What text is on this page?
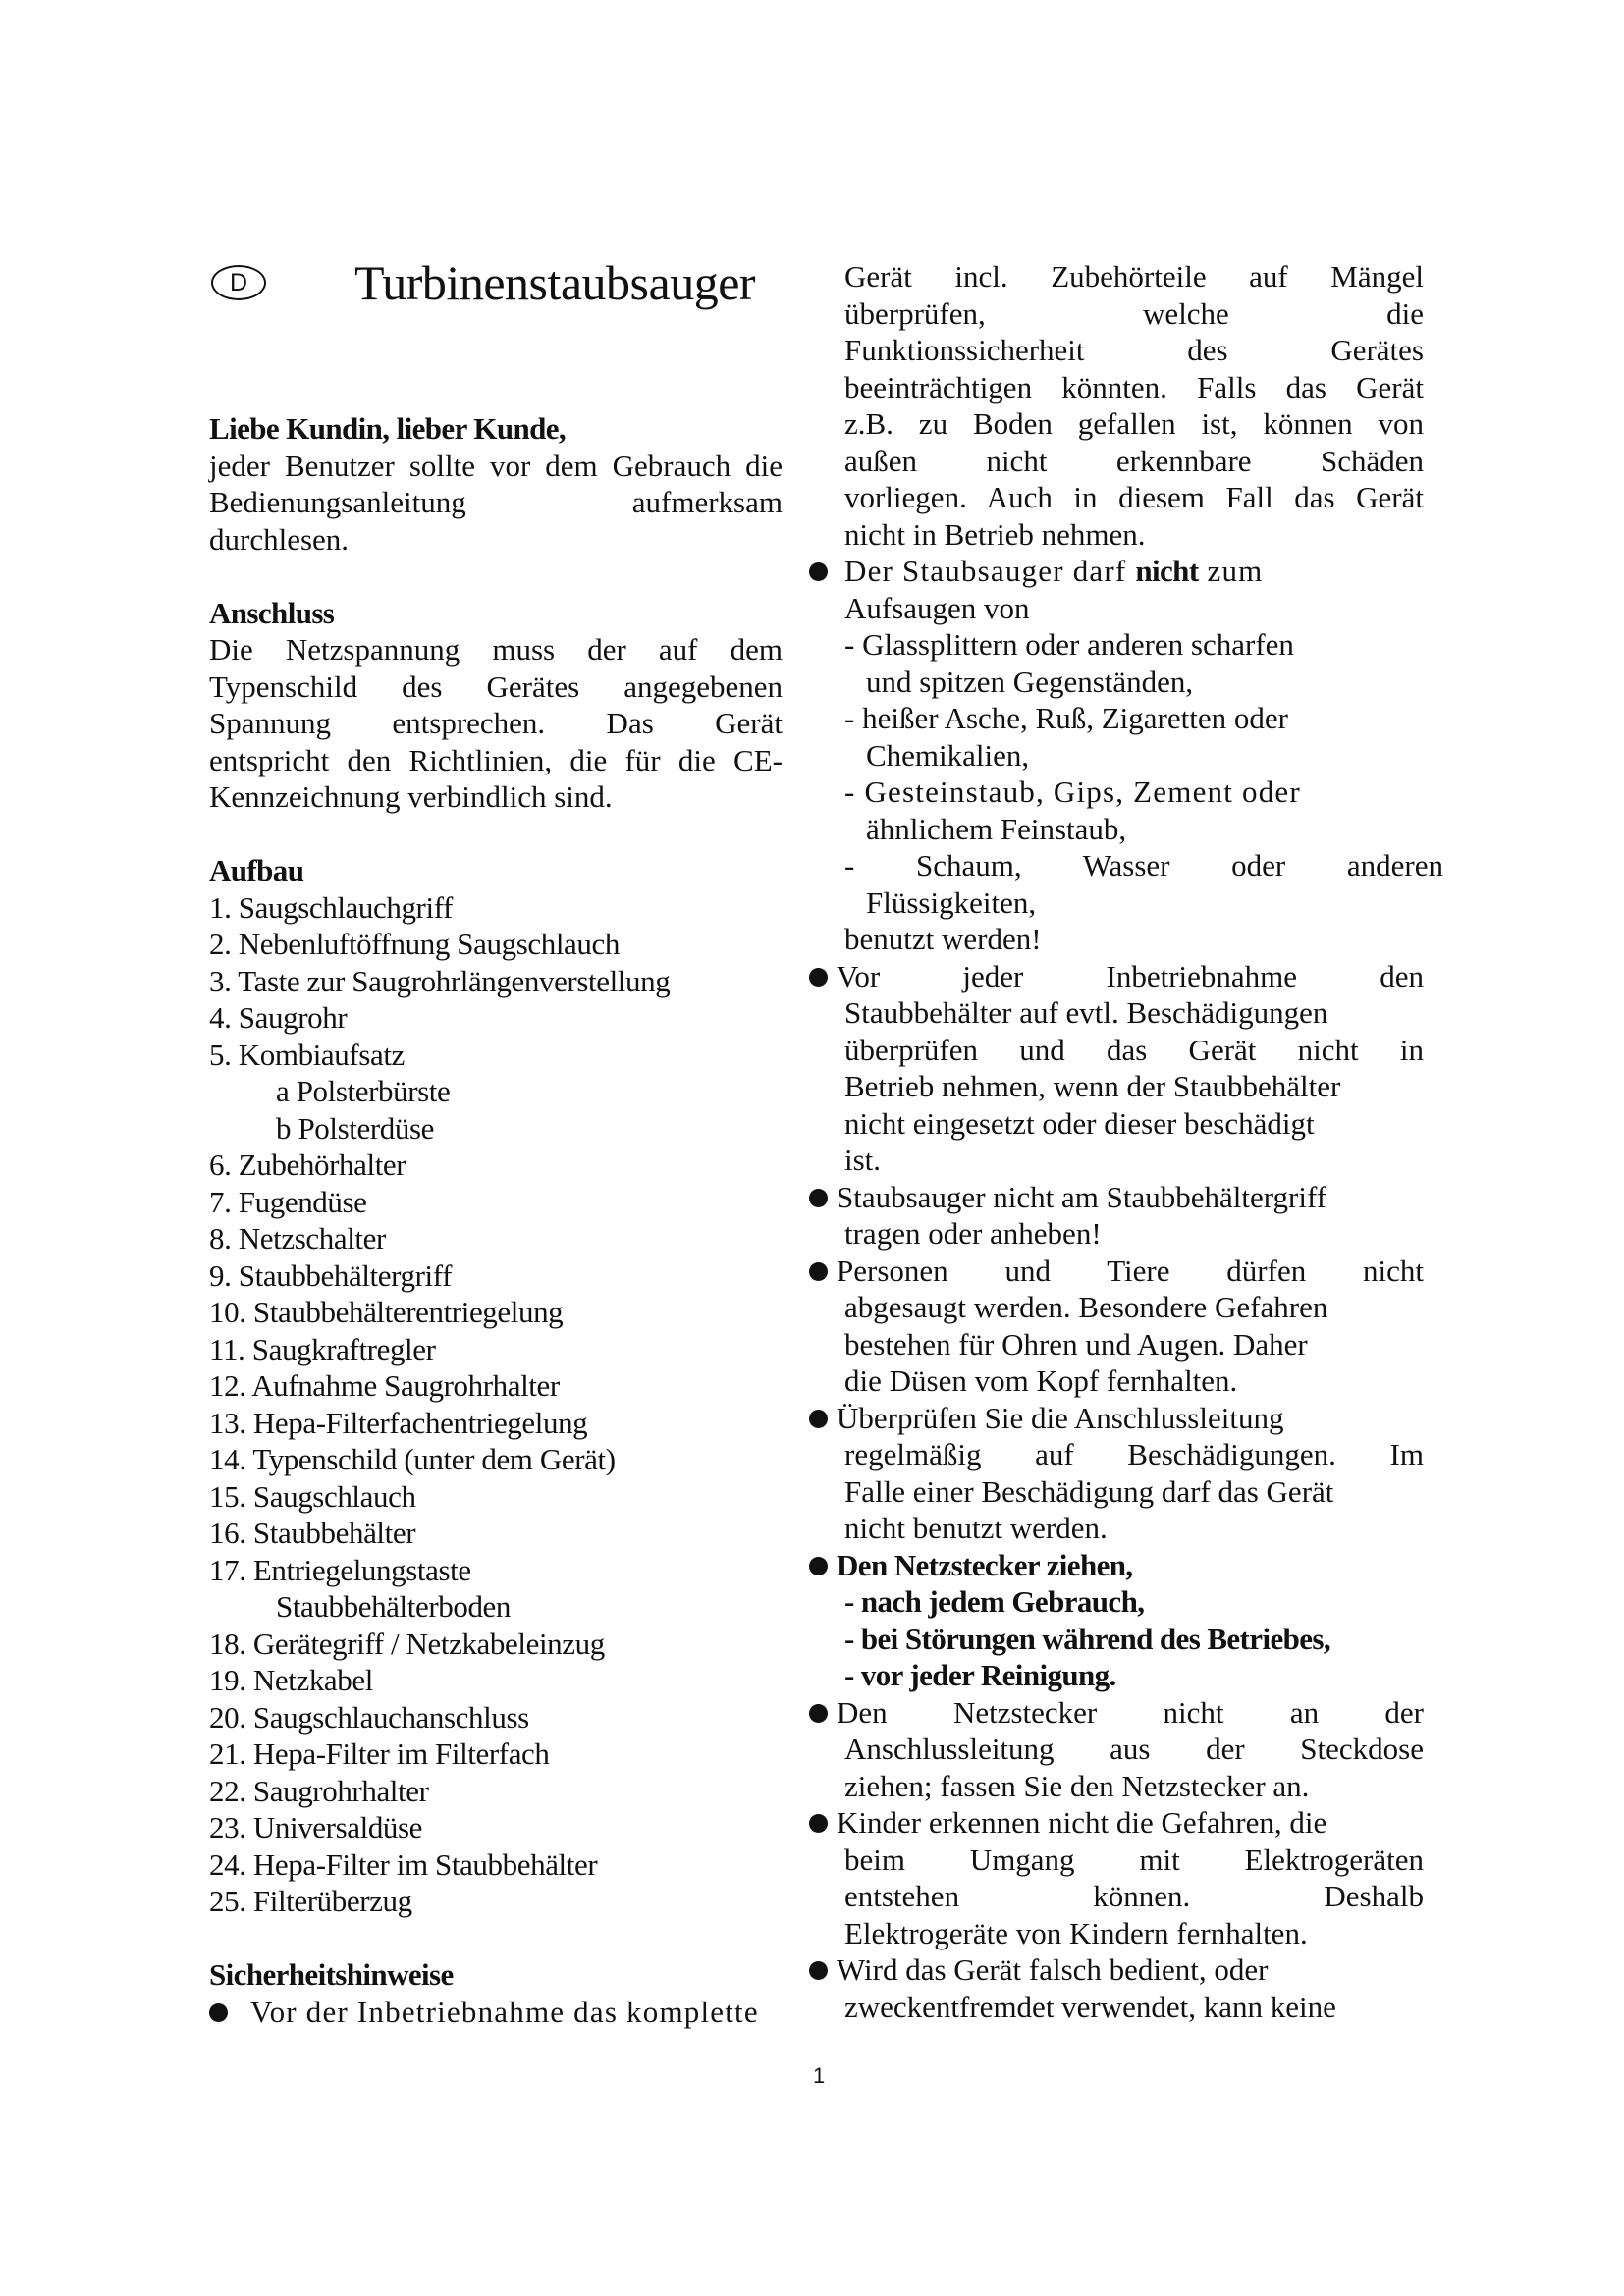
D	Turbinenstaubsauger
Liebe Kundin, lieber Kunde,
jeder Benutzer sollte vor dem Gebrauch die
Bedienungsanleitung aufmerksam
durchlesen.
Anschluss
Die Netzspannung muss der auf dem
Typenschild des Gerätes angegebenen
Spannung entsprechen. Das Gerät
entspricht den Richtlinien, die für die CE-
Kennzeichnung verbindlich sind.
Aufbau
1. Saugschlauchgriff
2. Nebenluftöffnung Saugschlauch
3. Taste zur Saugrohrlängenverstellung
4. Saugrohr
5. Kombiaufsatz
a Polsterbürste
b Polsterdüse
6. Zubehörhalter
7. Fugendüse
8. Netzschalter
9. Staubbehältergriff
10. Staubbehälterentriegelung
11. Saugkraftregler
12. Aufnahme Saugrohrhalter
13. Hepa-Filterfachentriegelung
14. Typenschild (unter dem Gerät)
15. Saugschlauch
16. Staubbehälter
17. Entriegelungstaste
Staubbehälterboden
18. Gerätegriff / Netzkabeleinzug
19. Netzkabel
20. Saugschlauchanschluss
21. Hepa-Filter im Filterfach
22. Saugrohrhalter
23. Universaldüse
24. Hepa-Filter im Staubbehälter
25. Filterüberzug
Sicherheitshinweise
Vor der Inbetriebnahme das komplette
Gerät incl. Zubehörteile auf Mängel
überprüfen, welche die
Funktionssicherheit des Gerätes
beeinträchtigen könnten. Falls das Gerät
z.B. zu Boden gefallen ist, können von
außen nicht erkennbare Schäden
vorliegen. Auch in diesem Fall das Gerät
nicht in Betrieb nehmen.
Der Staubsauger darf nicht zum
Aufsaugen von
- Glassplittern oder anderen scharfen
und spitzen Gegenständen,
- heißer Asche, Ruß, Zigaretten oder
Chemikalien,
- Gesteinstaub, Gips, Zement oder
ähnlichem Feinstaub,
- Schaum, Wasser oder anderen
Flüssigkeiten,
benutzt werden!
Vor jeder Inbetriebnahme den
Staubbehälter auf evtl. Beschädigungen
überprüfen und das Gerät nicht in
Betrieb nehmen, wenn der Staubbehälter
nicht eingesetzt oder dieser beschädigt
ist.
Staubsauger nicht am Staubbehältergriff
tragen oder anheben!
Personen und Tiere dürfen nicht
abgesaugt werden. Besondere Gefahren
bestehen für Ohren und Augen. Daher
die Düsen vom Kopf fernhalten.
Überprüfen Sie die Anschlussleitung
regelmäßig auf Beschädigungen. Im
Falle einer Beschädigung darf das Gerät
nicht benutzt werden.
Den Netzstecker ziehen,
- nach jedem Gebrauch,
- bei Störungen während des Betriebes,
- vor jeder Reinigung.
Den Netzstecker nicht an der
Anschlussleitung aus der Steckdose
ziehen; fassen Sie den Netzstecker an.
Kinder erkennen nicht die Gefahren, die
beim Umgang mit Elektrogeräten
entstehen können. Deshalb
Elektrogeräte von Kindern fernhalten.
Wird das Gerät falsch bedient, oder
zweckentfremdet verwendet, kann keine
1
